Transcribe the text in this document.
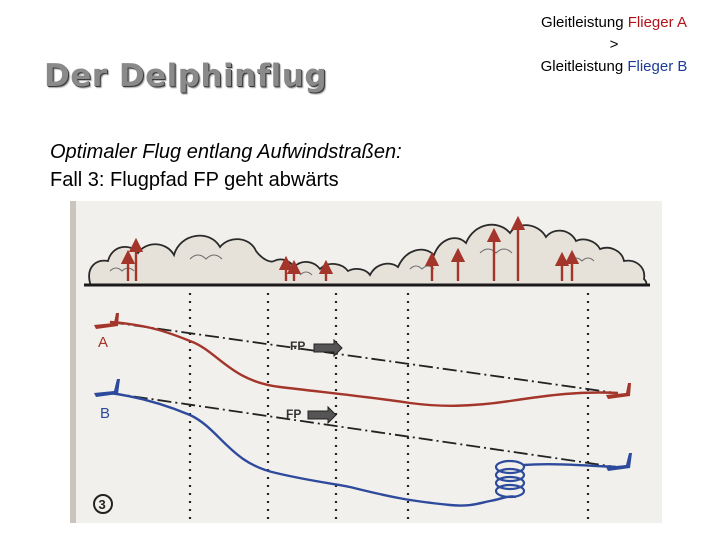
Der Delphinflug
Gleitleistung Flieger A
>
Gleitleistung Flieger B
Optimaler Flug entlang Aufwindstraßen:
Fall 3: Flugpfad FP geht abwärts
A
B
FP
FP
3
